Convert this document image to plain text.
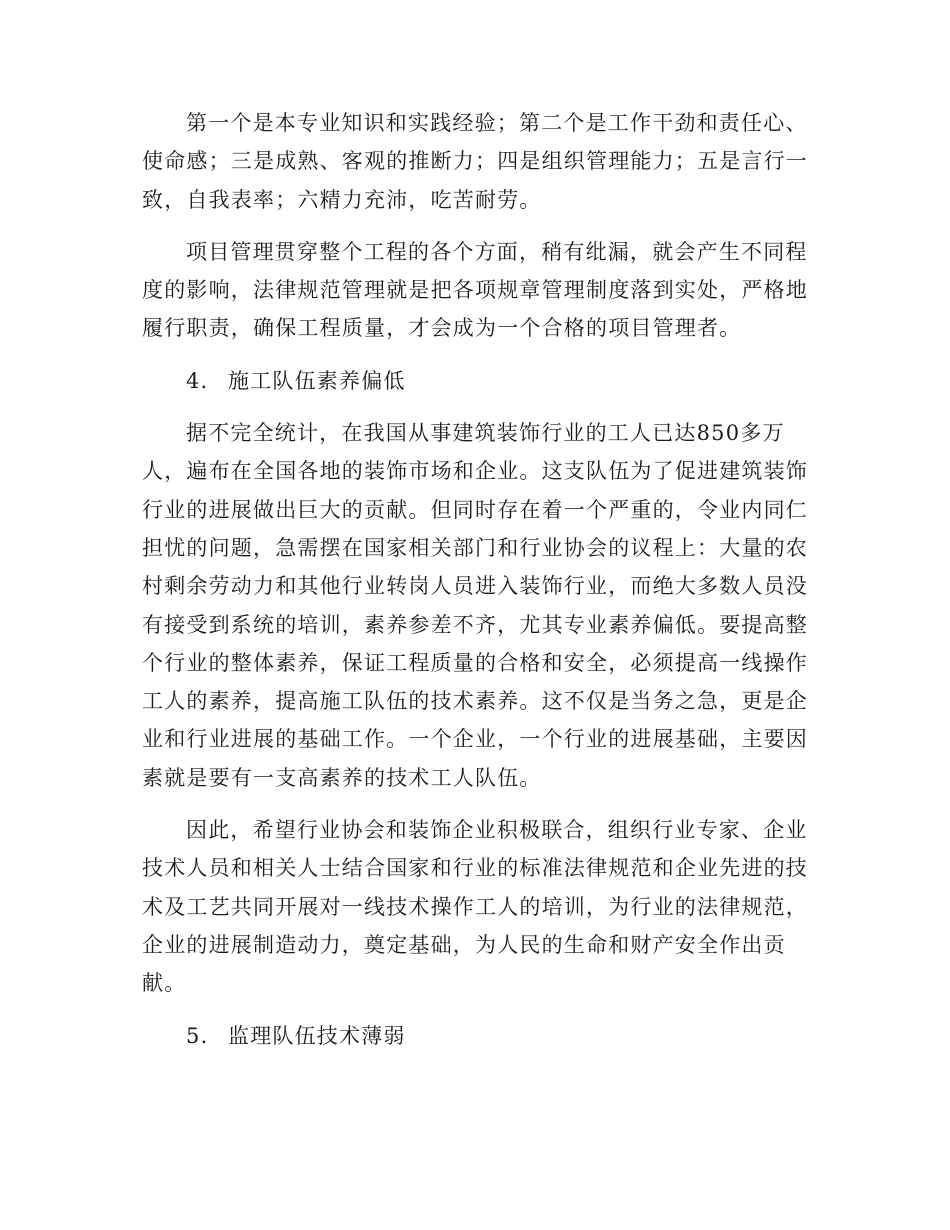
第一个是本专业知识和实践经验；第二个是工作干劲和责任心、
使命感；三是成熟、客观的推断力；四是组织管理能力；五是言行一
致，自我表率；六精力充沛，吃苦耐劳。

项目管理贯穿整个工程的各个方面，稍有纰漏，就会产生不同程
度的影响，法律规范管理就是把各项规章管理制度落到实处，严格地
履行职责，确保工程质量，才会成为一个合格的项目管理者。

4. 施工队伍素养偏低

据不完全统计，在我国从事建筑装饰行业的工人已达850多万
人，遍布在全国各地的装饰市场和企业。这支队伍为了促进建筑装饰
行业的进展做出巨大的贡献。但同时存在着一个严重的，令业内同仁
担忧的问题，急需摆在国家相关部门和行业协会的议程上：大量的农
村剩余劳动力和其他行业转岗人员进入装饰行业，而绝大多数人员没
有接受到系统的培训，素养参差不齐，尤其专业素养偏低。要提高整
个行业的整体素养，保证工程质量的合格和安全，必须提高一线操作
工人的素养，提高施工队伍的技术素养。这不仅是当务之急，更是企
业和行业进展的基础工作。一个企业，一个行业的进展基础，主要因
素就是要有一支高素养的技术工人队伍。

因此，希望行业协会和装饰企业积极联合，组织行业专家、企业
技术人员和相关人士结合国家和行业的标准法律规范和企业先进的技
术及工艺共同开展对一线技术操作工人的培训，为行业的法律规范，
企业的进展制造动力，奠定基础，为人民的生命和财产安全作出贡
献。

5. 监理队伍技术薄弱
